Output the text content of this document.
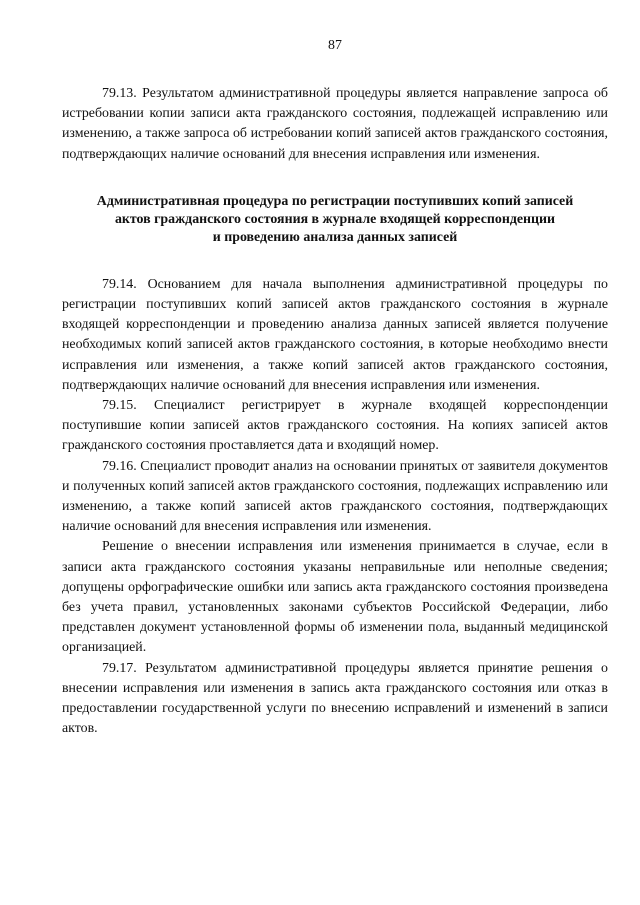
87

79.13. Результатом административной процедуры является направление запроса об истребовании копии записи акта гражданского состояния, подлежащей исправлению или изменению, а также запроса об истребовании копий записей актов гражданского состояния, подтверждающих наличие оснований для внесения исправления или изменения.

Административная процедура по регистрации поступивших копий записей
актов гражданского состояния в журнале входящей корреспонденции
и проведению анализа данных записей

79.14. Основанием для начала выполнения административной процедуры по регистрации поступивших копий записей актов гражданского состояния в журнале входящей корреспонденции и проведению анализа данных записей является получение необходимых копий записей актов гражданского состояния, в которые необходимо внести исправления или изменения, а также копий записей актов гражданского состояния, подтверждающих наличие оснований для внесения исправления или изменения.

79.15. Специалист регистрирует в журнале входящей корреспонденции поступившие копии записей актов гражданского состояния. На копиях записей актов гражданского состояния проставляется дата и входящий номер.

79.16. Специалист проводит анализ на основании принятых от заявителя документов и полученных копий записей актов гражданского состояния, подлежащих исправлению или изменению, а также копий записей актов гражданского состояния, подтверждающих наличие оснований для внесения исправления или изменения.

Решение о внесении исправления или изменения принимается в случае, если в записи акта гражданского состояния указаны неправильные или неполные сведения; допущены орфографические ошибки или запись акта гражданского состояния произведена без учета правил, установленных законами субъектов Российской Федерации, либо представлен документ установленной формы об изменении пола, выданный медицинской организацией.

79.17. Результатом административной процедуры является принятие решения о внесении исправления или изменения в запись акта гражданского состояния или отказ в предоставлении государственной услуги по внесению исправлений и изменений в записи актов.
